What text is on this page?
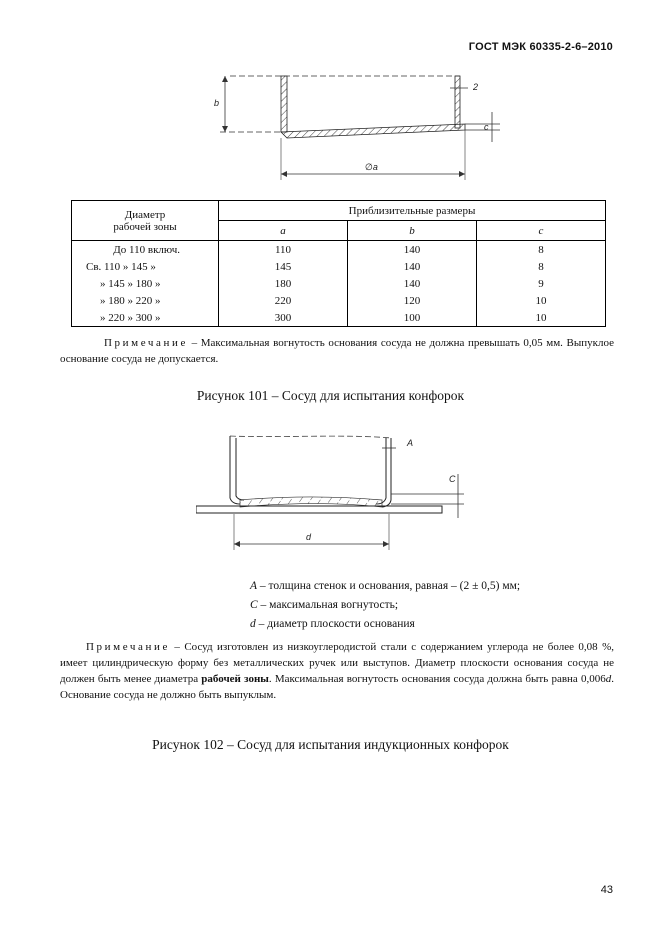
ГОСТ МЭК 60335-2-6–2010
b
2
c
∅a
Диаметр
рабочей зоны	Приблизительные размеры		
	a	b	c
До 110 включ.	110	140	8
Св. 110 » 145 »	145	140	8
» 145 » 180 »	180	140	9
» 180 » 220 »	220	120	10
» 220 » 300 »	300	100	10
Примечание – Максимальная вогнутость основания сосуда не должна превышать 0,05 мм. Выпуклое основание сосуда не допускается.
Рисунок 101 – Сосуд для испытания конфорок
A
C
d
A – толщина стенок и основания, равная – (2 ± 0,5) мм;
C – максимальная вогнутость;
d – диаметр плоскости основания
Примечание – Сосуд изготовлен из низкоуглеродистой стали с содержанием углерода не более 0,08 %, имеет цилиндрическую форму без металлических ручек или выступов. Диаметр плоскости основания сосуда не должен быть менее диаметра рабочей зоны. Максимальная вогнутость основания сосуда должна быть равна 0,006d. Основание сосуда не должно быть выпуклым.
Рисунок 102 – Сосуд для испытания индукционных конфорок
43
